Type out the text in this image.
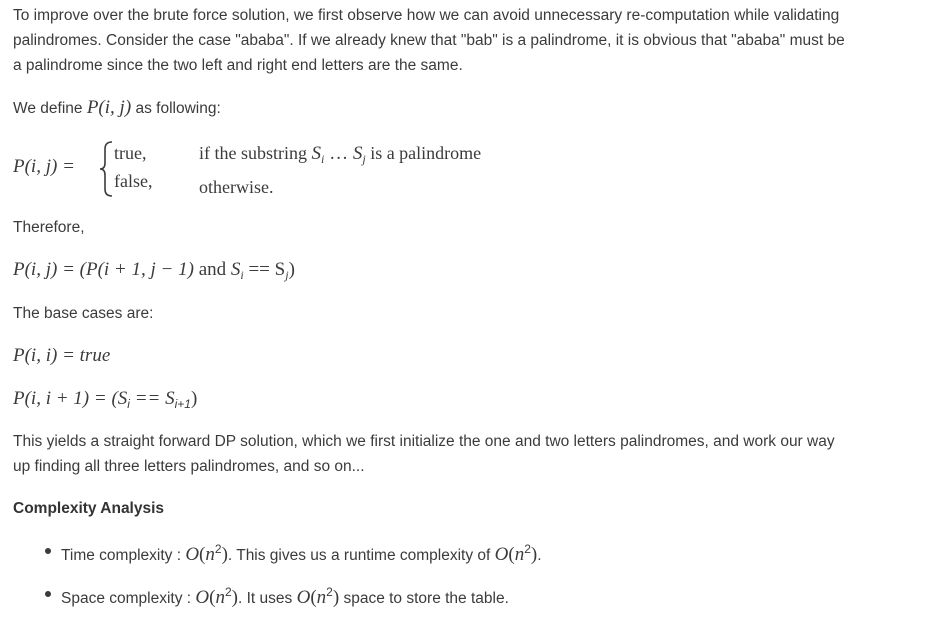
To improve over the brute force solution, we first observe how we can avoid unnecessary re-computation while validating
palindromes. Consider the case "ababa". If we already knew that "bab" is a palindrome, it is obvious that "ababa" must be
a palindrome since the two left and right end letters are the same.
We define P(i, j) as following:
P(i, j) =
true,
false,
if the substring $S_i$ … $S_j$ is a palindrome
otherwise.
Therefore,
P(i, j) = (P(i + 1, j − 1) and $S_i == S_j$)
The base cases are:
P(i, i) = true
P(i, $i + 1) = (S_i == S_{i+1})$
This yields a straight forward DP solution, which we first initialize the one and two letters palindromes, and work our way
up finding all three letters palindromes, and so on...
Complexity Analysis
Time complexity : $O(n^2)$. This gives us a runtime complexity of $O(n^2)$.
Space complexity : $O(n^2)$. It uses $O(n^2)$ space to store the table.
